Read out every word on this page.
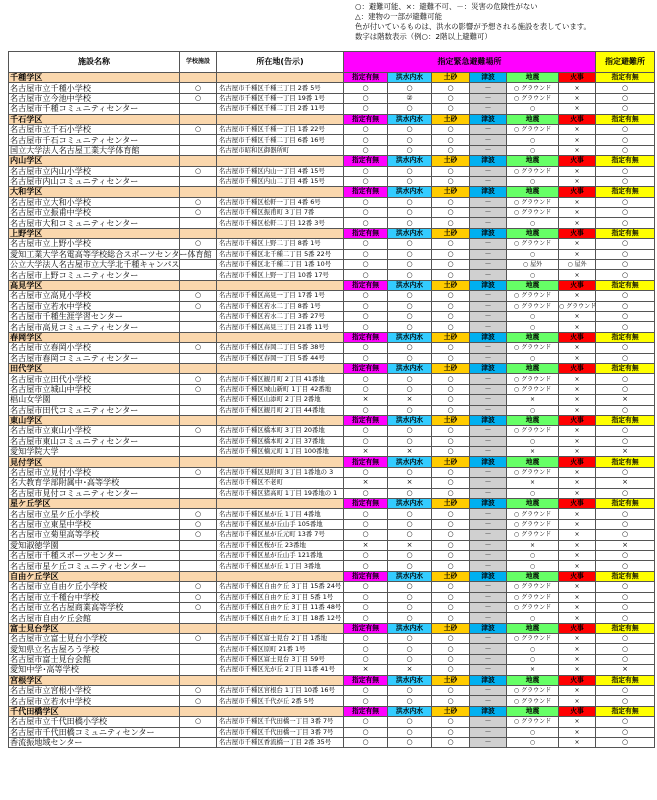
○：避難可能、×：避難不可、－：災害の危険性がない
△：建物の一部が避難可能
色が付いているものは、洪水の影響が予想される施設を表しています。
数字は階数表示（例○：2階以上避難可）
施設名称	学校施設	所在地(告示)	指定緊急避難場所						指定避難所
千種学区			指定有無	洪水内水	土砂	津波	地震	火事	指定有無
名古屋市立千種小学校	○	名古屋市千種区千種三丁目 2番 5号	○	○	○	－	○ グラウンド	×	○
名古屋市立今池中学校	○	名古屋市千種区千種一丁目 19番 1号	○	②	○	－	○ グラウンド	×	○
名古屋市千種コミュニティセンター		名古屋市千種区千種二丁目 2番 11号	○	○	○	－	○	×	○
千石学区			指定有無	洪水内水	土砂	津波	地震	火事	指定有無
名古屋市立千石小学校	○	名古屋市千種区千種一丁目 1番 22号	○	○	○	－	○ グラウンド	×	○
名古屋市千石コミュニティセンター		名古屋市千種区千種二丁目 6番 16号	○	○	○	－	○	×	○
国立大学法人名古屋工業大学体育館		名古屋市昭和区御器所町	○	○	○	－	○	×	○
内山学区			指定有無	洪水内水	土砂	津波	地震	火事	指定有無
名古屋市立内山小学校	○	名古屋市千種区内山一丁目 4番 15号	○	○	○	－	○ グラウンド	×	○
名古屋市内山コミュニティセンター		名古屋市千種区内山二丁目 4番 15号	○	○	○	－	○	×	○
大和学区			指定有無	洪水内水	土砂	津波	地震	火事	指定有無
名古屋市立大和小学校	○	名古屋市千種区松軒一丁目 4番 6号	○	○	○	－	○ グラウンド	×	○
名古屋市立振甫中学校	○	名古屋市千種区振甫町 3丁目 7番	○	○	○	－	○ グラウンド	×	○
名古屋市大和コミュニティセンター		名古屋市千種区松軒二丁目 12番 3号	○	○	○	－	○	×	○
上野学区			指定有無	洪水内水	土砂	津波	地震	火事	指定有無
名古屋市立上野小学校	○	名古屋市千種区上野二丁目 8番 1号	○	○	○	－	○ グラウンド	×	○
愛知工業大学名電高等学校総合スポーツセンター体育館		名古屋市千種区北千種二丁目 5番 22号	○	○	○	－	○	×	○
公立大学法人名古屋市立大学北千種キャンパス		名古屋市千種区北千種二丁目 1番 10号	○	○	○	－	○ 屋外	○ 屋外	○
名古屋市上野コミュニティセンター		名古屋市千種区上野一丁目 10番 17号	○	○	○	－	○	×	○
高見学区			指定有無	洪水内水	土砂	津波	地震	火事	指定有無
名古屋市立高見小学校	○	名古屋市千種区高見一丁目 17番 1号	○	○	○	－	○ グラウンド	×	○
名古屋市立若水中学校	○	名古屋市千種区若水二丁目 8番 1号	○	○	○	－	○ グラウンド	○ グラウンド	○
名古屋市千種生涯学習センター		名古屋市千種区若水二丁目 3番 27号	○	○	○	－	○	×	○
名古屋市高見コミュニティセンター		名古屋市千種区高見三丁目 21番 11号	○	○	○	－	○	×	○
春岡学区			指定有無	洪水内水	土砂	津波	地震	火事	指定有無
名古屋市立春岡小学校	○	名古屋市千種区春岡二丁目 5番 38号	○	○	○	－	○ グラウンド	×	○
名古屋市春岡コミュニティセンター		名古屋市千種区春岡一丁目 5番 44号	○	○	○	－	○	×	○
田代学区			指定有無	洪水内水	土砂	津波	地震	火事	指定有無
名古屋市立田代小学校	○	名古屋市千種区観月町 2丁目 41番地	○	○	○	－	○ グラウンド	×	○
名古屋市立城山中学校	○	名古屋市千種区城山新町 1丁目 42番地	○	○	○	－	○ グラウンド	×	○
椙山女学園		名古屋市千種区山添町 2丁目 2番地	×	×	○	－	×	×	×
名古屋市田代コミュニティセンター		名古屋市千種区観月町 2丁目 44番地	○	○	○	－	○	×	○
東山学区			指定有無	洪水内水	土砂	津波	地震	火事	指定有無
名古屋市立東山小学校	○	名古屋市千種区橋本町 3丁目 20番地	○	○	○	－	○ グラウンド	×	○
名古屋市東山コミュニティセンター		名古屋市千種区橋本町 2丁目 37番地	○	○	○	－	○	×	○
愛知学院大学		名古屋市千種区楠元町 1丁目 100番地	×	×	○	－	×	×	×
見付学区			指定有無	洪水内水	土砂	津波	地震	火事	指定有無
名古屋市立見付小学校	○	名古屋市千種区見附町 3丁目 1番地の 3	○	○	○	－	○ グラウンド	×	○
名大教育学部附属中･高等学校		名古屋市千種区不老町	×	×	○	－	×	×	×
名古屋市見付コミュニティセンター		名古屋市千種区猪高町 1丁目 19番地の 1	○	○	○	－	○	×	○
星ケ丘学区			指定有無	洪水内水	土砂	津波	地震	火事	指定有無
名古屋市立星ケ丘小学校	○	名古屋市千種区星が丘 1丁目 4番地	○	○	○	－	○ グラウンド	×	○
名古屋市立東星中学校	○	名古屋市千種区星が丘山手 105番地	○	○	○	－	○ グラウンド	×	○
名古屋市立菊里高等学校	○	名古屋市千種区星が丘元町 13番 7号	○	○	○	－	○ グラウンド	×	○
愛知淑徳学園		名古屋市千種区桜が丘 23番地	×	×	○	－	×	×	×
名古屋市千種スポーツセンター		名古屋市千種区星が丘山手 121番地	○	○	○	－	○	×	○
名古屋市星ケ丘コミュニティセンター		名古屋市千種区星が丘 1丁目 3番地	○	○	○	－	○	×	○
自由ケ丘学区			指定有無	洪水内水	土砂	津波	地震	火事	指定有無
名古屋市立自由ケ丘小学校	○	名古屋市千種区自由ケ丘 3丁目 15番 24号	○	○	○	－	○ グラウンド	×	○
名古屋市立千種台中学校	○	名古屋市千種区自由ケ丘 3丁目 5番 1号	○	○	○	－	○ グラウンド	×	○
名古屋市立名古屋商業高等学校	○	名古屋市千種区自由ケ丘 3丁目 11番 48号	○	○	○	－	○ グラウンド	×	○
名古屋市自由ケ丘会館		名古屋市千種区自由ケ丘 3丁目 18番 12号	○	○	○	－	○	×	○
富士見台学区			指定有無	洪水内水	土砂	津波	地震	火事	指定有無
名古屋市立富士見台小学校	○	名古屋市千種区富士見台 2丁目 1番地	○	○	○	－	○ グラウンド	×	○
愛知県立名古屋ろう学校		名古屋市千種区原町 21番 1号	○	○	○	－	○	×	○
名古屋市富士見台会館		名古屋市千種区富士見台 3丁目 59号	○	○	○	－	○	×	○
愛知中学･高等学校		名古屋市千種区光が丘 2丁目 11番 41号	×	×	○	－	×	×	×
宮根学区			指定有無	洪水内水	土砂	津波	地震	火事	指定有無
名古屋市立宮根小学校	○	名古屋市千種区宮根台 1丁目 10番 16号	○	○	○	－	○ グラウンド	×	○
名古屋市立若水中学校	○	名古屋市千種区千代が丘 2番 5号	○	○	○	－	○ グラウンド	×	○
千代田橋学区			指定有無	洪水内水	土砂	津波	地震	火事	指定有無
名古屋市立千代田橋小学校	○	名古屋市千種区千代田橋一丁目 3番 7号	○	○	○	－	○ グラウンド	×	○
名古屋市千代田橋コミュニティセンター		名古屋市千種区千代田橋一丁目 3番 7号	○	○	○	－	○	×	○
香流振地域センター		名古屋市千種区香流橋一丁目 2番 35号	○	○	○	－	○	×	○
